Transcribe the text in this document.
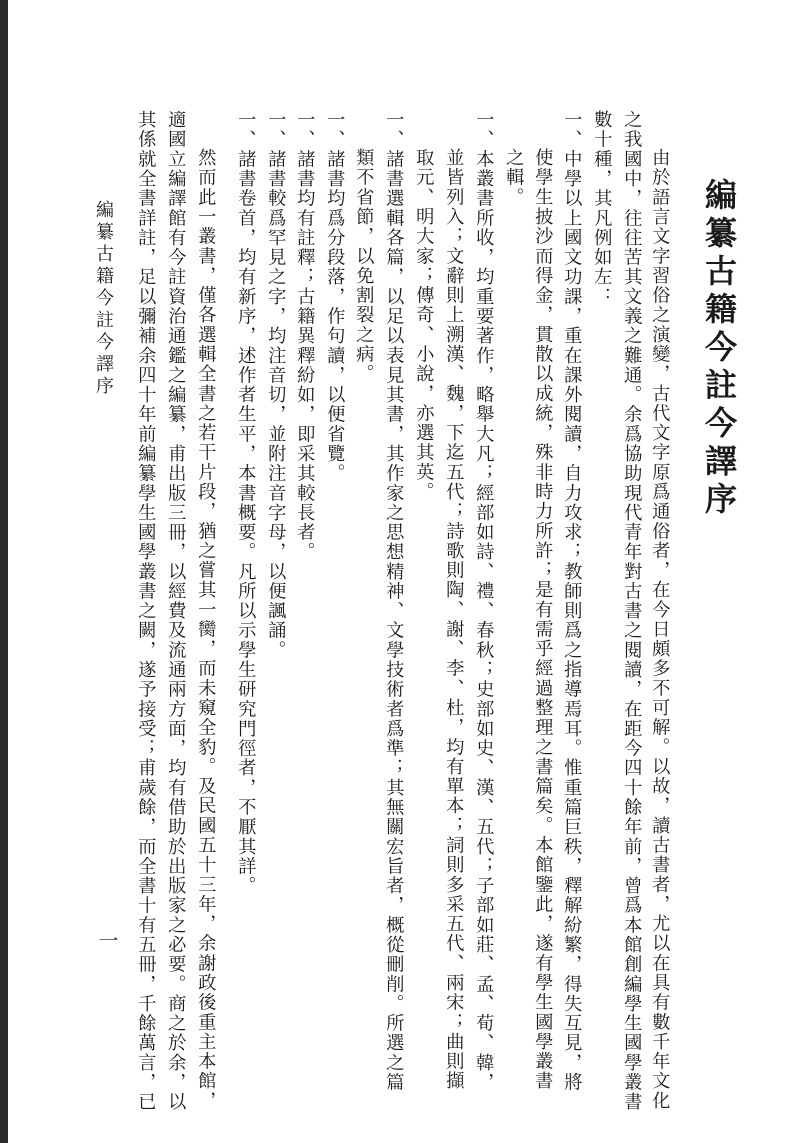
編纂古籍今註今譯序
由於語言文字習俗之演變，古代文字原爲通俗者，在今日頗多不可解。以故，讀古書者，尤以在具有數千年文化
之我國中，往往苦其文義之難通。余爲協助現代青年對古書之閱讀，在距今四十餘年前，曾爲本館創編學生國學叢書
數十種，其凡例如左：
一、中學以上國文功課，重在課外閱讀，自力攻求；教師則爲之指導焉耳。惟重篇巨秩，釋解紛繁，得失互見，將
使學生披沙而得金，貫散以成統，殊非時力所許；是有需乎經過整理之書篇矣。本館鑒此，遂有學生國學叢書
之輯。
一、本叢書所收，均重要著作，略舉大凡；經部如詩、禮、春秋；史部如史、漢、五代；子部如莊、孟、荀、韓，
並皆列入；文辭則上溯漢、魏，下迄五代；詩歌則陶、謝、李、杜，均有單本；詞則多采五代、兩宋；曲則擷
取元、明大家；傳奇、小說，亦選其英。
一、諸書選輯各篇，以足以表見其書，其作家之思想精神、文學技術者爲準；其無關宏旨者，概從刪削。所選之篇
類不省節，以免割裂之病。
一、諸書均爲分段落，作句讀，以便省覽。
一、諸書均有註釋；古籍異釋紛如，即采其較長者。
一、諸書較爲罕見之字，均注音切，並附注音字母，以便諷誦。
一、諸書卷首，均有新序，述作者生平，本書概要。凡所以示學生研究門徑者，不厭其詳。
然而此一叢書，僅各選輯全書之若干片段，猶之嘗其一臠，而未窺全豹。及民國五十三年，余謝政後重主本館，
適國立編譯館有今註資治通鑑之編纂，甫出版三冊，以經費及流通兩方面，均有借助於出版家之必要。商之於余，以
其係就全書詳註，足以彌補余四十年前編纂學生國學叢書之闕，遂予接受；甫歲餘，而全書十有五冊，千餘萬言，已
編纂古籍今註今譯序
一
